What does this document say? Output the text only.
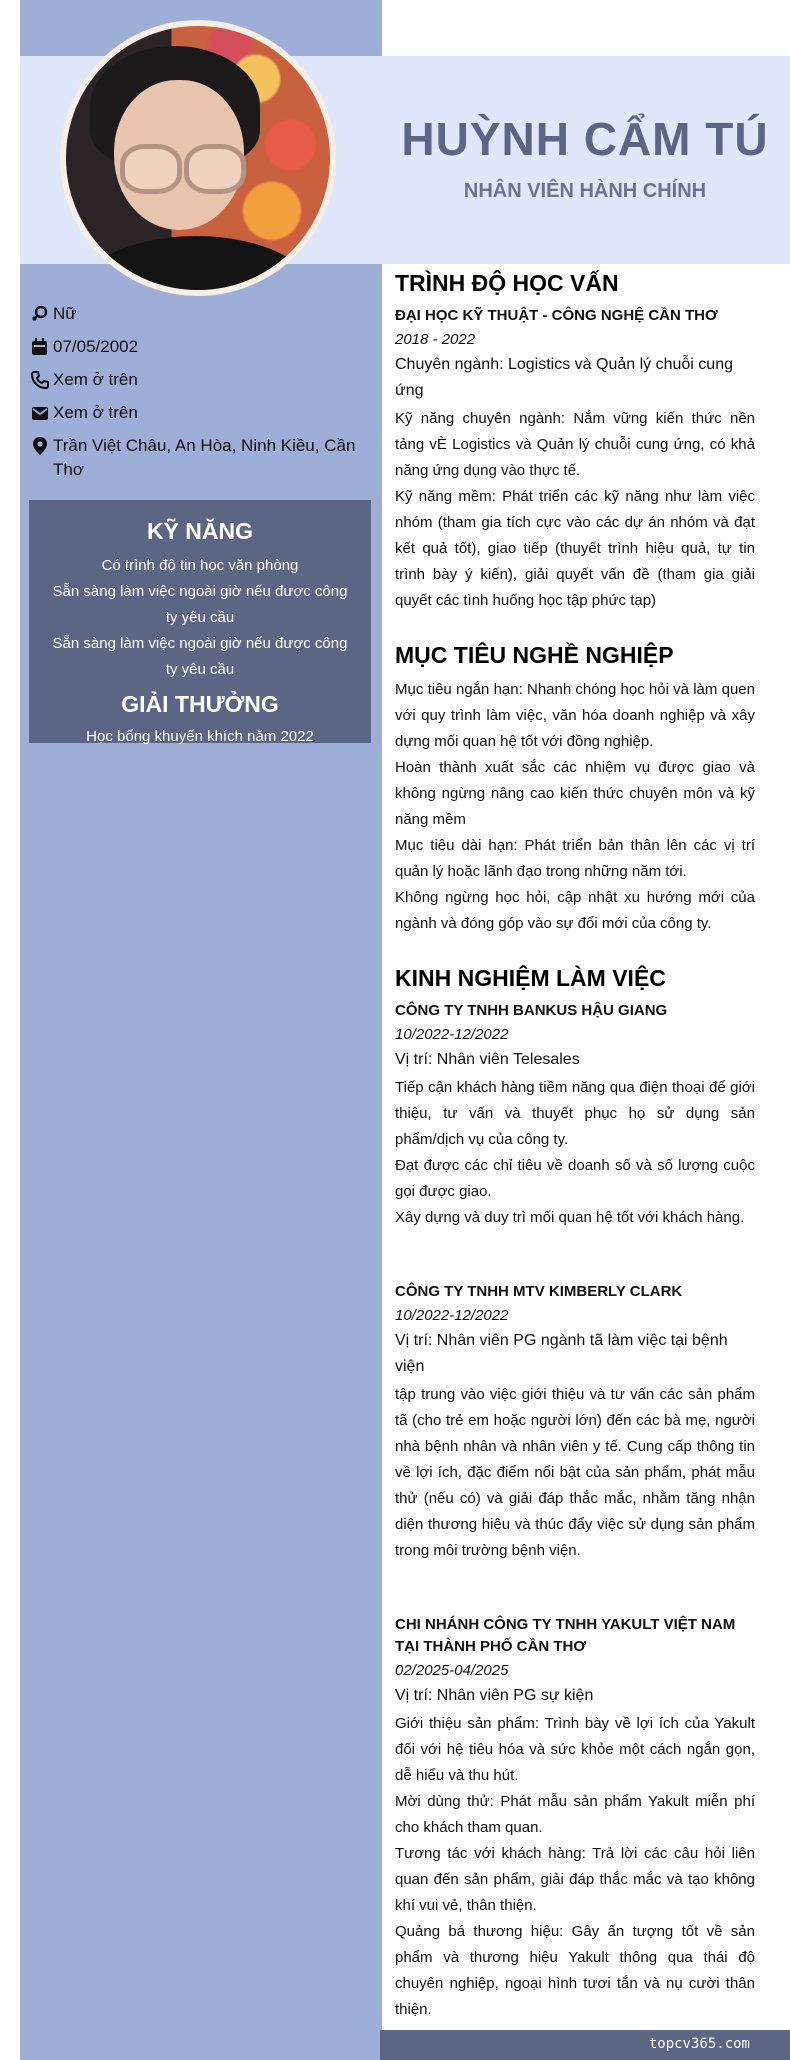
HUỲNH CẨM TÚ
NHÂN VIÊN HÀNH CHÍNH
Nữ
07/05/2002
Xem ở trên
Xem ở trên
Trần Việt Châu, An Hòa, Ninh Kiều, Cần Thơ
KỸ NĂNG
Có trình độ tin học văn phòng
Sẵn sàng làm việc ngoài giờ nếu được công ty yêu cầu
Sẵn sàng làm việc ngoài giờ nếu được công ty yêu cầu
GIẢI THƯỞNG
Học bổng khuyến khích năm 2022
TRÌNH ĐỘ HỌC VẤN
ĐẠI HỌC KỸ THUẬT - CÔNG NGHỆ CẦN THƠ
2018 - 2022
Chuyên ngành: Logistics và Quản lý chuỗi cung ứng

Kỹ năng chuyên ngành: Nắm vững kiến thức nền tảng vÈ Logistics và Quản lý chuỗi cung ứng, có khả năng ứng dụng vào thực tế.

Kỹ năng mềm: Phát triển các kỹ năng như làm việc nhóm (tham gia tích cực vào các dự án nhóm và đạt kết quả tốt), giao tiếp (thuyết trình hiệu quả, tự tin trình bày ý kiến), giải quyết vấn đề (tham gia giải quyết các tình huống học tập phức tạp)

MỤC TIÊU NGHỀ NGHIỆP

Mục tiêu ngắn hạn: Nhanh chóng học hỏi và làm quen với quy trình làm việc, văn hóa doanh nghiệp và xây dựng mối quan hệ tốt với đồng nghiệp.

Hoàn thành xuất sắc các nhiệm vụ được giao và không ngừng nâng cao kiến thức chuyên môn và kỹ năng mềm

Mục tiêu dài hạn: Phát triển bản thân lên các vị trí quản lý hoặc lãnh đạo trong những năm tới.

Không ngừng học hỏi, cập nhật xu hướng mới của ngành và đóng góp vào sự đổi mới của công ty.

KINH NGHIỆM LÀM VIỆC
CÔNG TY TNHH BANKUS HẬU GIANG
10/2022-12/2022
Vị trí: Nhân viên Telesales

Tiếp cận khách hàng tiềm năng qua điện thoại để giới thiệu, tư vấn và thuyết phục họ sử dụng sản phẩm/dịch vụ của công ty.

Đạt được các chỉ tiêu về doanh số và số lượng cuộc gọi được giao.

Xây dựng và duy trì mối quan hệ tốt với khách hàng.

CÔNG TY TNHH MTV KIMBERLY CLARK
10/2022-12/2022
Vị trí: Nhân viên PG ngành tã làm việc tại bệnh viện

tập trung vào việc giới thiệu và tư vấn các sản phẩm tã (cho trẻ em hoặc người lớn) đến các bà mẹ, người nhà bệnh nhân và nhân viên y tế. Cung cấp thông tin về lợi ích, đặc điểm nổi bật của sản phẩm, phát mẫu thử (nếu có) và giải đáp thắc mắc, nhằm tăng nhận diện thương hiệu và thúc đẩy việc sử dụng sản phẩm trong môi trường bệnh viện.

CHI NHÁNH CÔNG TY TNHH YAKULT VIỆT NAM TẠI THÀNH PHỐ CẦN THƠ
02/2025-04/2025
Vị trí: Nhân viên PG sự kiện

Giới thiệu sản phẩm: Trình bày về lợi ích của Yakult đối với hệ tiêu hóa và sức khỏe một cách ngắn gọn, dễ hiểu và thu hút.

Mời dùng thử: Phát mẫu sản phẩm Yakult miễn phí cho khách tham quan.

Tương tác với khách hàng: Trả lời các câu hỏi liên quan đến sản phẩm, giải đáp thắc mắc và tạo không khí vui vẻ, thân thiện.

Quảng bá thương hiệu: Gây ấn tượng tốt về sản phẩm và thương hiệu Yakult thông qua thái độ chuyên nghiệp, ngoại hình tươi tắn và nụ cười thân thiện.

topcv365.com
